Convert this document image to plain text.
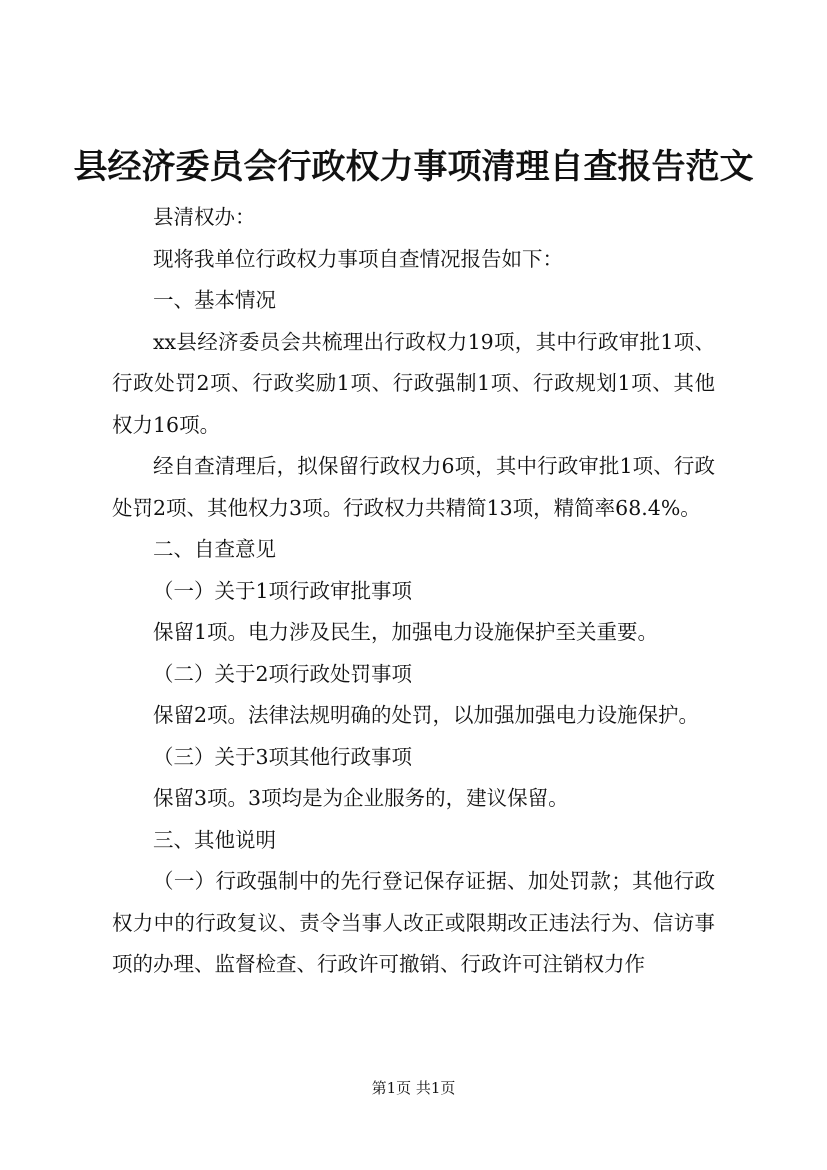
县经济委员会行政权力事项清理自查报告范文

县清权办：

现将我单位行政权力事项自查情况报告如下：

一、基本情况

xx县经济委员会共梳理出行政权力19项，其中行政审批1项、行政处罚2项、行政奖励1项、行政强制1项、行政规划1项、其他权力16项。

经自查清理后，拟保留行政权力6项，其中行政审批1项、行政处罚2项、其他权力3项。行政权力共精简13项，精简率68.4%。

二、自查意见

（一）关于1项行政审批事项

保留1项。电力涉及民生，加强电力设施保护至关重要。

（二）关于2项行政处罚事项

保留2项。法律法规明确的处罚，以加强加强电力设施保护。

（三）关于3项其他行政事项

保留3项。3项均是为企业服务的，建议保留。

三、其他说明

（一）行政强制中的先行登记保存证据、加处罚款；其他行政权力中的行政复议、责令当事人改正或限期改正违法行为、信访事项的办理、监督检查、行政许可撤销、行政许可注销权力作

第1页 共1页
